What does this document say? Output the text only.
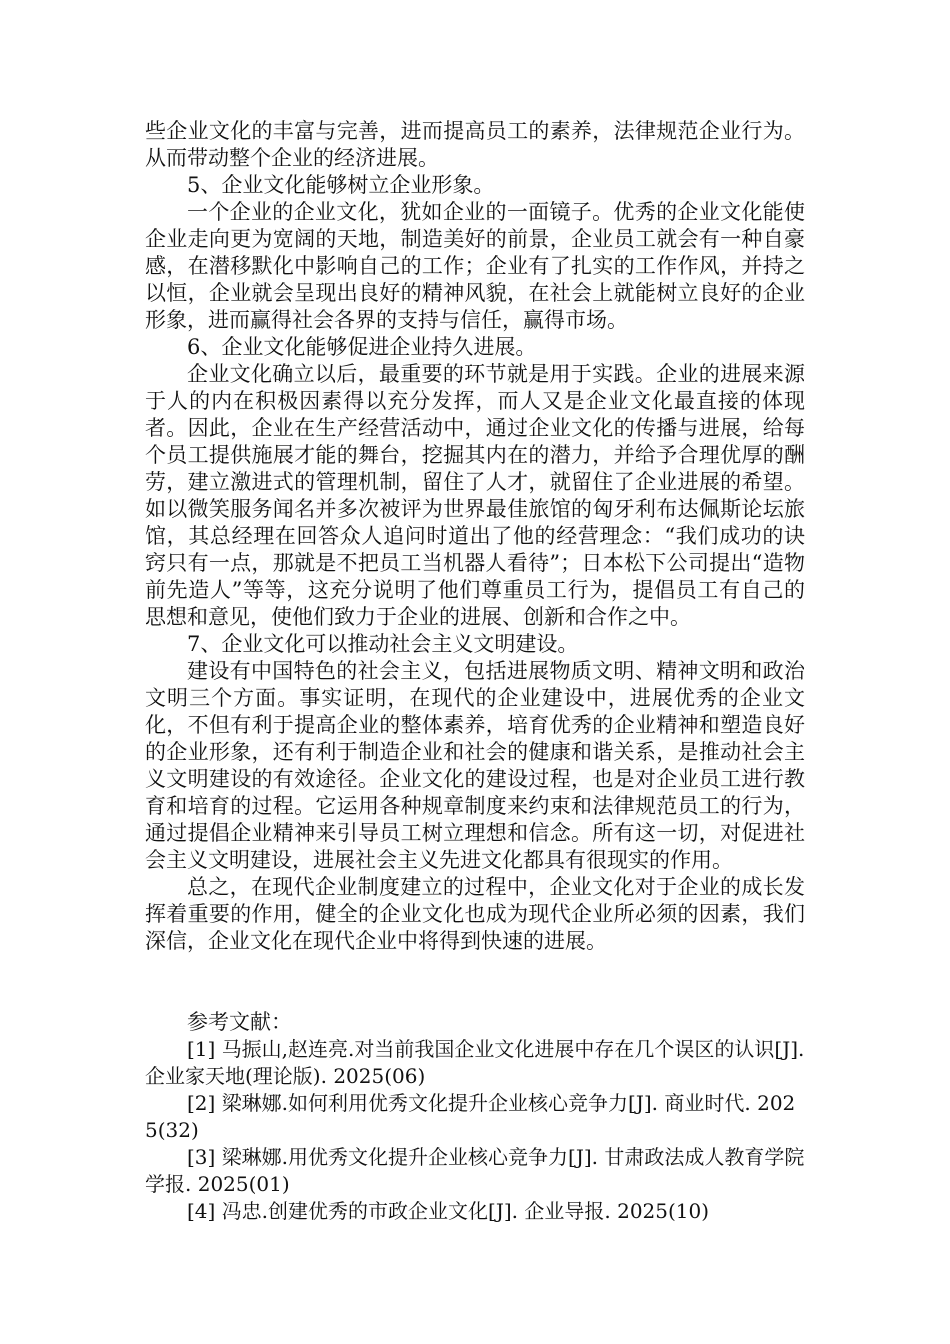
些企业文化的丰富与完善，进而提高员工的素养，法律规范企业行为。从而带动整个企业的经济进展。

5、企业文化能够树立企业形象。

一个企业的企业文化，犹如企业的一面镜子。优秀的企业文化能使企业走向更为宽阔的天地，制造美好的前景，企业员工就会有一种自豪感，在潜移默化中影响自己的工作；企业有了扎实的工作作风，并持之以恒，企业就会呈现出良好的精神风貌，在社会上就能树立良好的企业形象，进而赢得社会各界的支持与信任，赢得市场。

6、企业文化能够促进企业持久进展。

企业文化确立以后，最重要的环节就是用于实践。企业的进展来源于人的内在积极因素得以充分发挥，而人又是企业文化最直接的体现者。因此，企业在生产经营活动中，通过企业文化的传播与进展，给每个员工提供施展才能的舞台，挖掘其内在的潜力，并给予合理优厚的酬劳，建立激进式的管理机制，留住了人才，就留住了企业进展的希望。如以微笑服务闻名并多次被评为世界最佳旅馆的匈牙利布达佩斯论坛旅馆，其总经理在回答众人追问时道出了他的经营理念：“我们成功的诀窍只有一点，那就是不把员工当机器人看待”；日本松下公司提出“造物前先造人”等等，这充分说明了他们尊重员工行为，提倡员工有自己的思想和意见，使他们致力于企业的进展、创新和合作之中。

7、企业文化可以推动社会主义文明建设。

建设有中国特色的社会主义，包括进展物质文明、精神文明和政治文明三个方面。事实证明，在现代的企业建设中，进展优秀的企业文化，不但有利于提高企业的整体素养，培育优秀的企业精神和塑造良好的企业形象，还有利于制造企业和社会的健康和谐关系，是推动社会主义文明建设的有效途径。企业文化的建设过程，也是对企业员工进行教育和培育的过程。它运用各种规章制度来约束和法律规范员工的行为，通过提倡企业精神来引导员工树立理想和信念。所有这一切，对促进社会主义文明建设，进展社会主义先进文化都具有很现实的作用。

总之，在现代企业制度建立的过程中，企业文化对于企业的成长发挥着重要的作用，健全的企业文化也成为现代企业所必须的因素，我们深信，企业文化在现代企业中将得到快速的进展。

参考文献：

[1] 马振山,赵连亮.对当前我国企业文化进展中存在几个误区的认识[J]. 企业家天地(理论版). 2025(06)

[2] 梁琳娜.如何利用优秀文化提升企业核心竞争力[J]. 商业时代. 2025(32)

[3] 梁琳娜.用优秀文化提升企业核心竞争力[J]. 甘肃政法成人教育学院学报. 2025(01)

[4] 冯忠.创建优秀的市政企业文化[J]. 企业导报. 2025(10)
